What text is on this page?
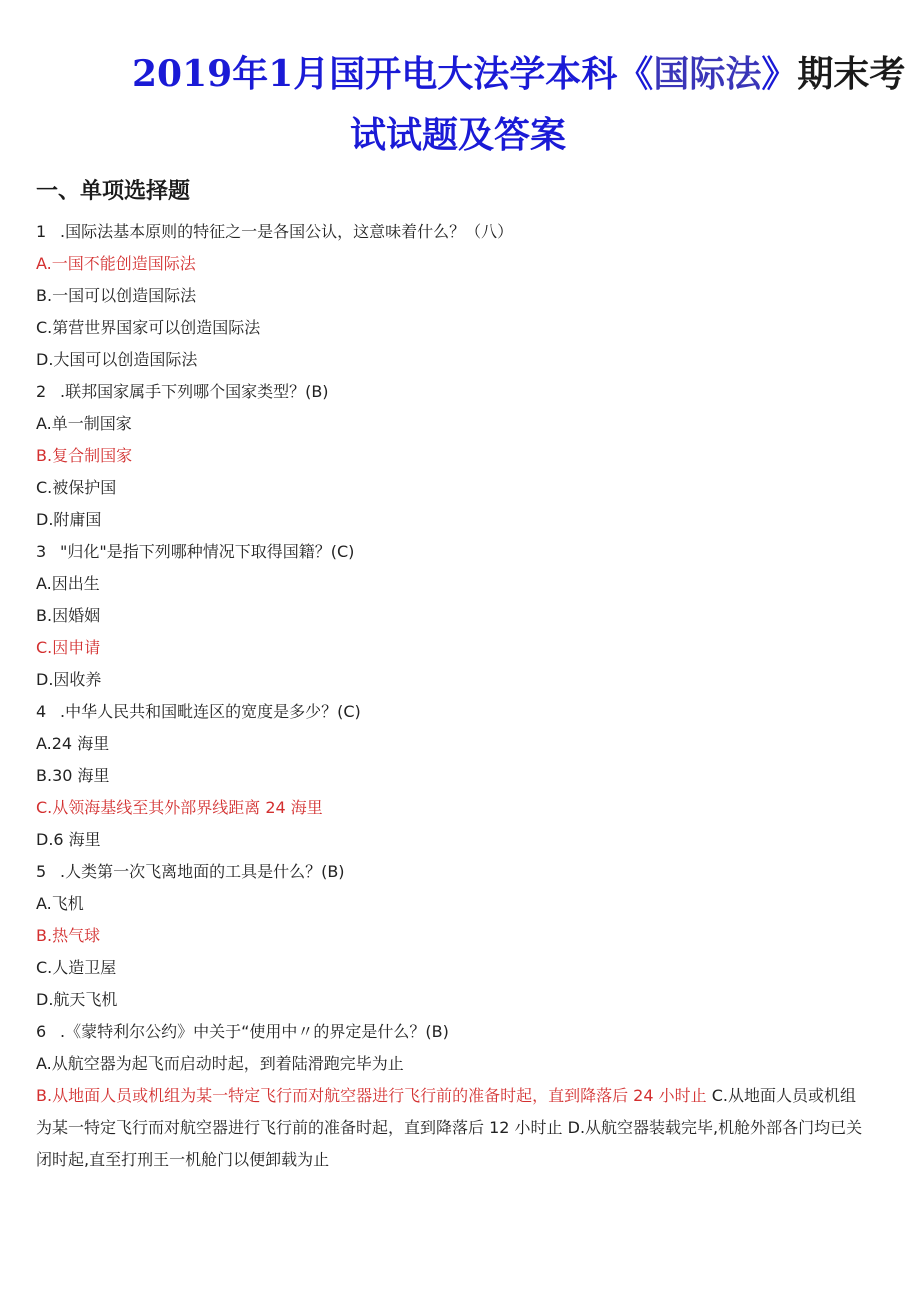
2019年1月国开电大法学本科《国际法》期末考
试试题及答案
一、单项选择题
1 .国际法基本原则的特征之一是各国公认，这意味着什么？（八）
A.一国不能创造国际法
B.一国可以创造国际法
C.第营世界国家可以创造国际法
D.大国可以创造国际法
2 .联邦国家属手下列哪个国家类型？(B)
A.单一制国家
B.复合制国家
C.被保护国
D.附庸国
3 "归化"是指下列哪种情况下取得国籍？(C)
A.因出生
B.因婚姻
C.因申请
D.因收养
4 .中华人民共和国毗连区的宽度是多少？(C)
A.24 海里
B.30 海里
C.从领海基线至其外部界线距离 24 海里
D.6 海里
5 .人类第一次飞离地面的工具是什么？(B)
A.飞机
B.热气球
C.人造卫屋
D.航天飞机
6 .《蒙特利尔公约》中关于“使用中〃的界定是什么？(B)
A.从航空器为起飞而启动时起，到着陆滑跑完毕为止
B.从地面人员或机组为某一特定飞行而对航空器进行飞行前的准备时起，直到降落后 24 小时止 C.从地面人员或机组为某一特定飞行而对航空器进行飞行前的准备时起，直到降落后 12 小时止 D.从航空器装载完毕,机舱外部各门均已关闭时起,直至打刑王一机舱门以便卸载为止
